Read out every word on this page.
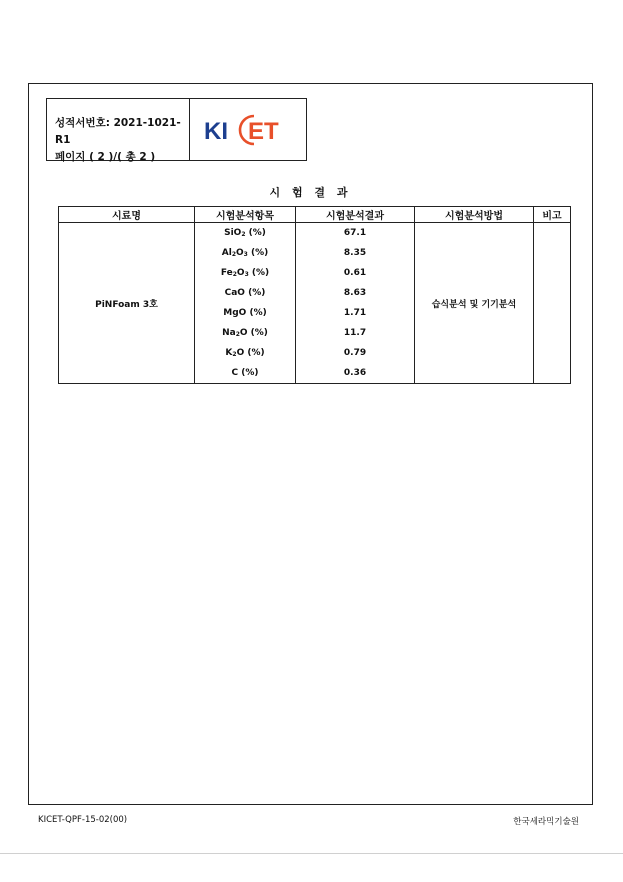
성적서번호: 2021-1021-R1
페이지 ( 2 )/( 총 2 )
KI ET
시 험 결 과
시료명	시험분석항목	시험분석결과	시험분석방법	비고
PiNFoam 3호	SiO$_2$ (%)	67.1	습식분석 및 기기분석	
	$Al_2O_3$ (%)	8.35		
	$Fe_2O_3$ (%)	0.61		
	CaO (%)	8.63		
	MgO (%)	1.71		
	$Na_2O$ (%)	11.7		
	$K_2O$ (%)	0.79		
	C (%)	0.36		
KICET-QPF-15-02(00)	한국세라믹기술원
